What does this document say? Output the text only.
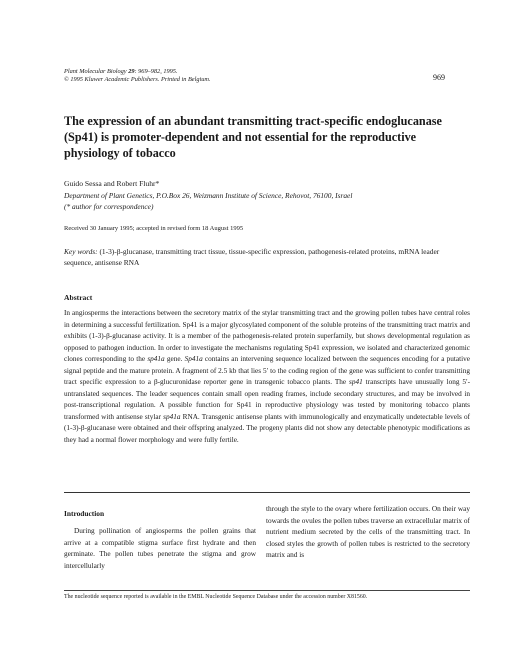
Plant Molecular Biology 29: 969–982, 1995.
© 1995 Kluwer Academic Publishers. Printed in Belgium.	969
The expression of an abundant transmitting tract-specific endoglucanase (Sp41) is promoter-dependent and not essential for the reproductive physiology of tobacco
Guido Sessa and Robert Fluhr*
Department of Plant Genetics, P.O.Box 26, Weizmann Institute of Science, Rehovot, 76100, Israel
(* author for correspondence)
Received 30 January 1995; accepted in revised form 18 August 1995
Key words: (1-3)-β-glucanase, transmitting tract tissue, tissue-specific expression, pathogenesis-related proteins, mRNA leader sequence, antisense RNA
Abstract

In angiosperms the interactions between the secretory matrix of the stylar transmitting tract and the growing pollen tubes have central roles in determining a successful fertilization. Sp41 is a major glycosylated component of the soluble proteins of the transmitting tract matrix and exhibits (1-3)-β-glucanase activity. It is a member of the pathogenesis-related protein superfamily, but shows developmental regulation as opposed to pathogen induction. In order to investigate the mechanisms regulating Sp41 expression, we isolated and characterized genomic clones corresponding to the sp41a gene. Sp41a contains an intervening sequence localized between the sequences encoding for a putative signal peptide and the mature protein. A fragment of 2.5 kb that lies 5′ to the coding region of the gene was sufficient to confer transmitting tract specific expression to a β-glucuronidase reporter gene in transgenic tobacco plants. The sp41 transcripts have unusually long 5′-untranslated sequences. The leader sequences contain small open reading frames, include secondary structures, and may be involved in post-transcriptional regulation. A possible function for Sp41 in reproductive physiology was tested by monitoring tobacco plants transformed with antisense stylar sp41a RNA. Transgenic antisense plants with immunologically and enzymatically undetectable levels of (1-3)-β-glucanase were obtained and their offspring analyzed. The progeny plants did not show any detectable phenotypic modifications as they had a normal flower morphology and were fully fertile.

Introduction

During pollination of angiosperms the pollen grains that arrive at a compatible stigma surface first hydrate and then germinate. The pollen tubes penetrate the stigma and grow intercellularly

through the style to the ovary where fertilization occurs. On their way towards the ovules the pollen tubes traverse an extracellular matrix of nutrient medium secreted by the cells of the transmitting tract. In closed styles the growth of pollen tubes is restricted to the secretory matrix and is

The nucleotide sequence reported is available in the EMBL Nucleotide Sequence Database under the accession number X81560.
